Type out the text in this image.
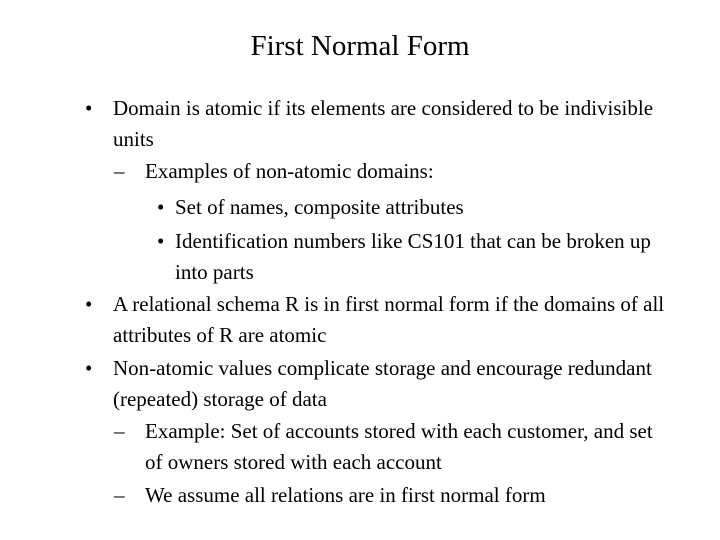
First Normal Form
• Domain is atomic if its elements are considered to be indivisible units
– Examples of non-atomic domains:
• Set of names, composite attributes
• Identification numbers like CS101 that can be broken up into parts
• A relational schema R is in first normal form if the domains of all attributes of R are atomic
• Non-atomic values complicate storage and encourage redundant (repeated) storage of data
– Example: Set of accounts stored with each customer, and set of owners stored with each account
– We assume all relations are in first normal form
